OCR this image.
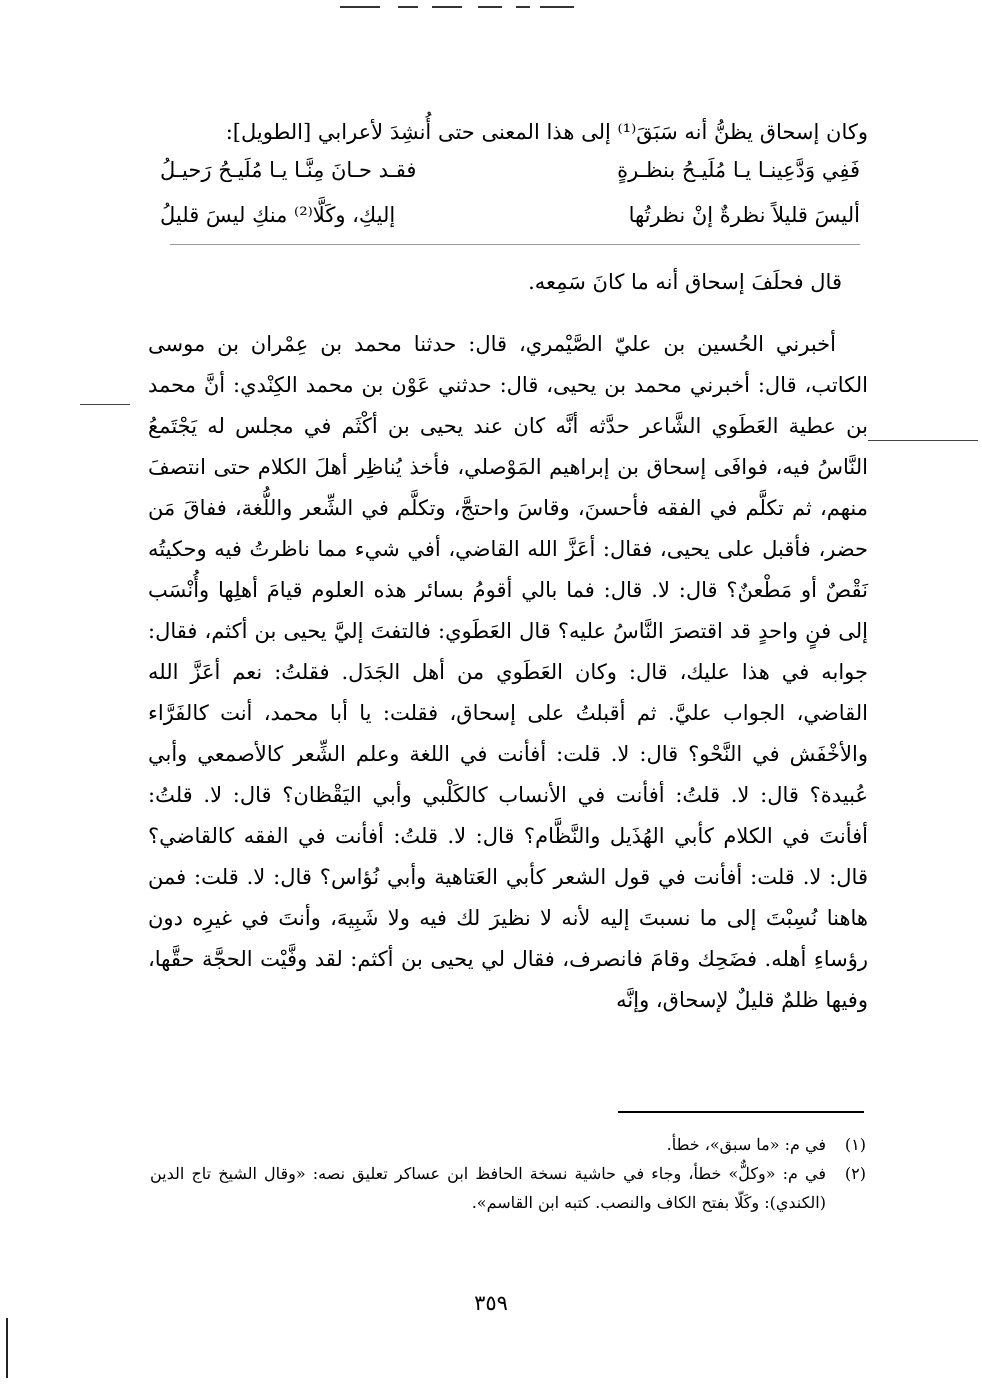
وكان إسحاق يظنُّ أنه سَبَقَ⁽¹⁾ إلى هذا المعنى حتى أُنشِدَ لأعرابي [الطويل]:
فَفِي وَدَّعِينـا يـا مُلَيـحُ بنظـرةٍ
فقـد حـانَ مِنَّـا يـا مُلَيـحُ رَحيـلُ
أليسَ قليلاً نظرةٌ إنْ نظرتُها
إليكِ، وكَلَّا⁽²⁾ منكِ ليسَ قليلُ
قال فحلَفَ إسحاق أنه ما كانَ سَمِعه.

أخبرني الحُسين بن عليّ الصَّيْمري، قال: حدثنا محمد بن عِمْران بن موسى الكاتب، قال: أخبرني محمد بن يحيى، قال: حدثني عَوْن بن محمد الكِنْدي: أنَّ محمد بن عطية العَطَوي الشَّاعر حدَّثه أنَّه كان عند يحيى بن أكْثَم في مجلس له يَجْتَمعُ النَّاسُ فيه، فوافَى إسحاق بن إبراهيم المَوْصلي، فأخذ يُناظِر أهلَ الكلام حتى انتصفَ منهم، ثم تكلَّم في الفقه فأحسنَ، وقاسَ واحتجَّ، وتكلَّم في الشِّعر واللُّغة، ففاقَ مَن حضر، فأقبل على يحيى، فقال: أعَزَّ الله القاضي، أفي شيء مما ناظرتُ فيه وحكيتُه نَقْصٌ أو مَطْعنٌ؟ قال: لا. قال: فما بالي أقومُ بسائر هذه العلوم قيامَ أهلِها وأُنْسَب إلى فنٍ واحدٍ قد اقتصرَ النَّاسُ عليه؟ قال العَطَوي: فالتفتَ إليَّ يحيى بن أكثم، فقال: جوابه في هذا عليك، قال: وكان العَطَوي من أهل الجَدَل. فقلتُ: نعم أعَزَّ الله القاضي، الجواب عليَّ. ثم أقبلتُ على إسحاق، فقلت: يا أبا محمد، أنت كالفَرَّاء والأخْفَش في النَّحْو؟ قال: لا. قلت: أفأنت في اللغة وعلم الشِّعر كالأصمعي وأبي عُبيدة؟ قال: لا. قلتُ: أفأنت في الأنساب كالكَلْبي وأبي اليَقْظان؟ قال: لا. قلتُ: أفأنتَ في الكلام كأبي الهُذَيل والنَّظَّام؟ قال: لا. قلتُ: أفأنت في الفقه كالقاضي؟ قال: لا. قلت: أفأنت في قول الشعر كأبي العَتاهية وأبي نُؤاس؟ قال: لا. قلت: فمن هاهنا نُسِبْتَ إلى ما نسبتَ إليه لأنه لا نظيرَ لك فيه ولا شَبِيهَ، وأنتَ في غيرِه دون رؤساءِ أهله. فضَحِك وقامَ فانصرف، فقال لي يحيى بن أكثم: لقد وفَّيْت الحجَّة حقَّها، وفيها ظلمٌ قليلٌ لإسحاق، وإنَّه

(١)
في م: «ما سبق»، خطأ.
(٢)
في م: «وكلٌّ» خطأ، وجاء في حاشية نسخة الحافظ ابن عساكر تعليق نصه: «وقال الشيخ تاج الدين (الكندي): وكَلّا بفتح الكاف والنصب. كتبه ابن القاسم».
٣٥٩
